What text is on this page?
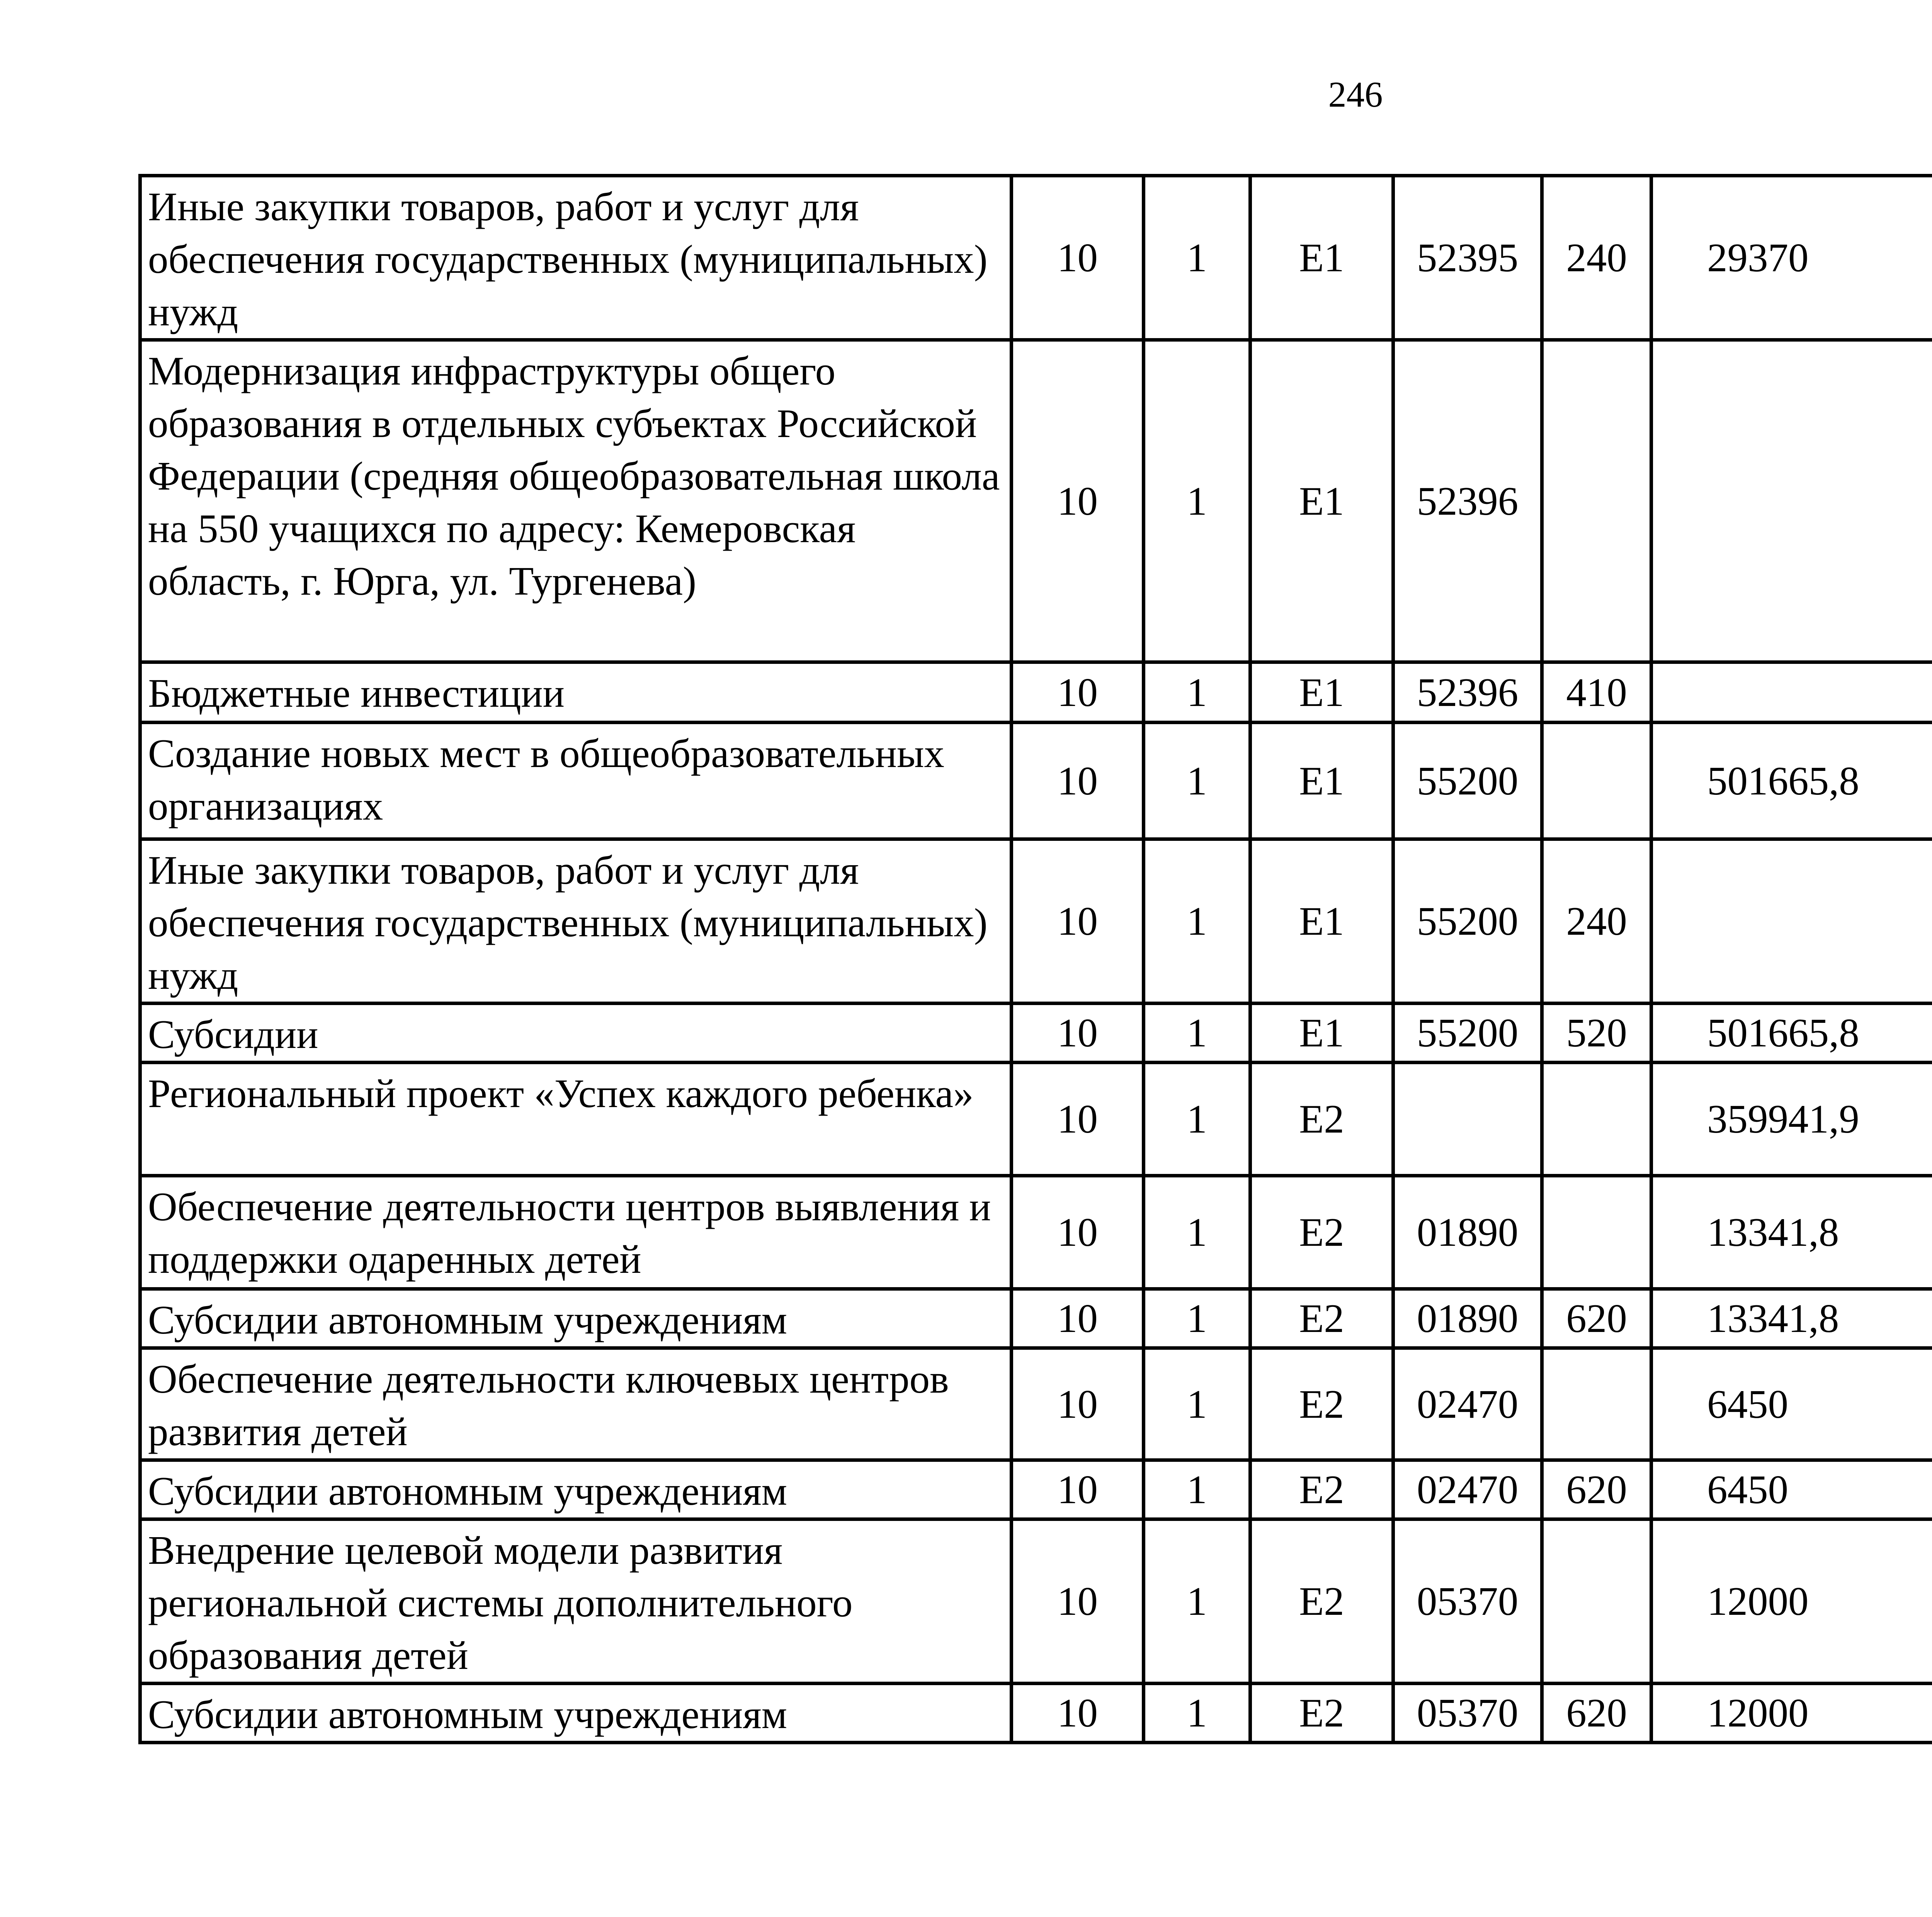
246
Иные закупки товаров, работ и услуг для обеспечения государственных (муниципальных) нужд	10	1	E1	52395	240	29370		
Модернизация инфраструктуры общего образования в отдельных субъектах Российской Федерации (средняя общеобразовательная школа на 550 учащихся по адресу: Кемеровская область, г. Юрга, ул. Тургенева)	10	1	E1	52396				
Бюджетные инвестиции	10	1	E1	52396	410			
Создание новых мест в общеобразовательных организациях	10	1	E1	55200		501665,8		
Иные закупки товаров, работ и услуг для обеспечения государственных (муниципальных) нужд	10	1	E1	55200	240			
Субсидии	10	1	E1	55200	520	501665,8		
Региональный проект «Успех каждого ребенка»	10	1	E2			359941,9		
Обеспечение деятельности центров выявления и поддержки одаренных детей	10	1	E2	01890		13341,8		
Субсидии автономным учреждениям	10	1	E2	01890	620	13341,8		
Обеспечение деятельности ключевых центров развития детей	10	1	E2	02470		6450		
Субсидии автономным учреждениям	10	1	E2	02470	620	6450		
Внедрение целевой модели развития региональной системы дополнительного образования детей	10	1	E2	05370		12000		
Субсидии автономным учреждениям	10	1	E2	05370	620	12000		
